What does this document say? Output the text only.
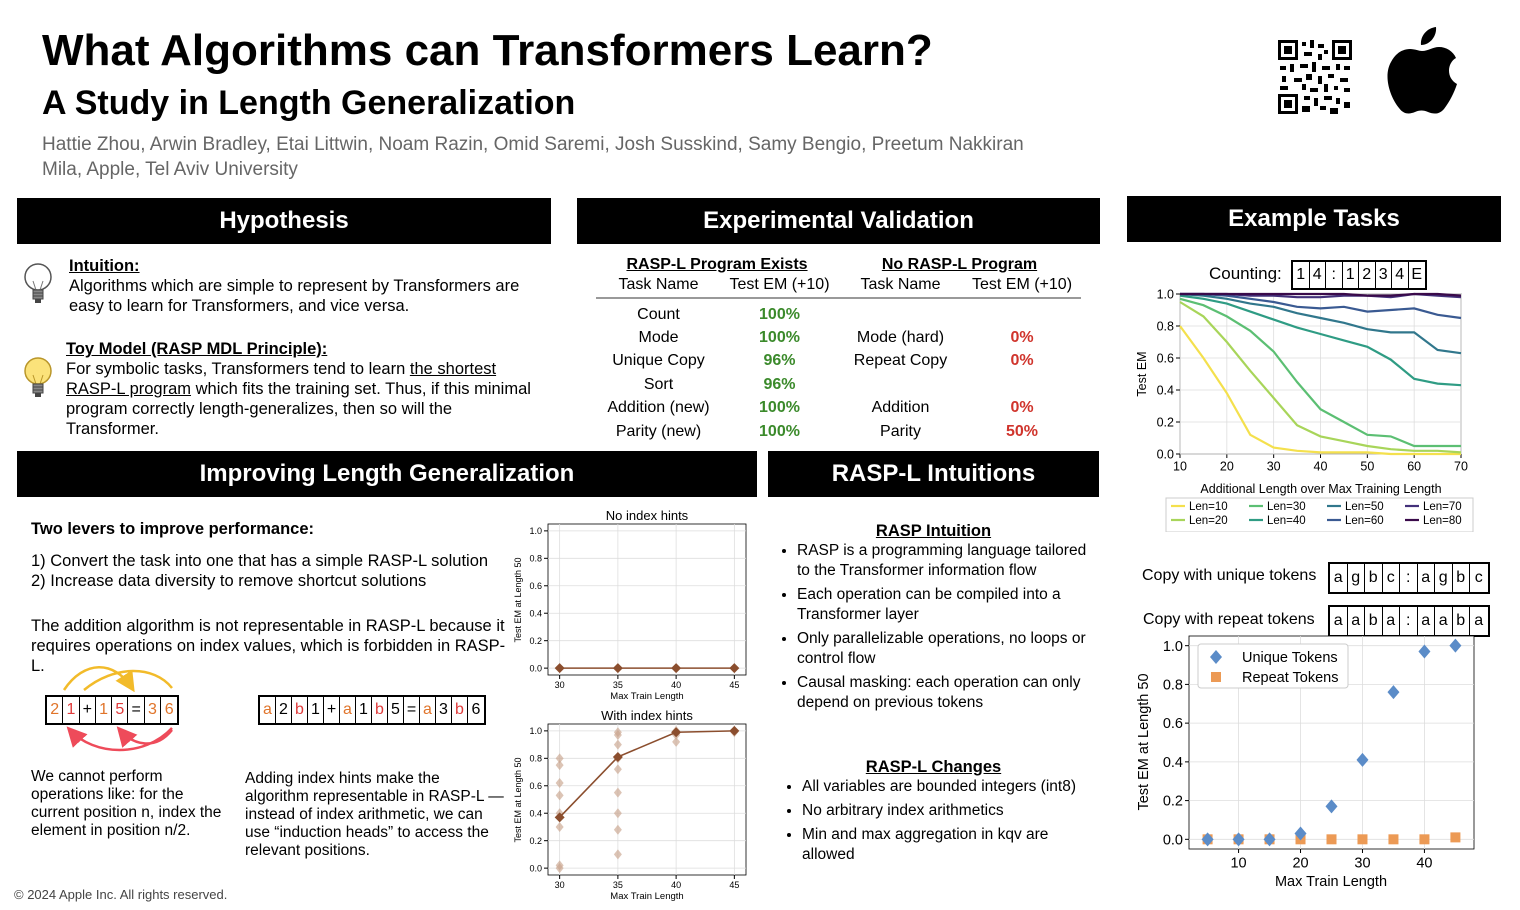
What Algorithms can Transformers Learn?
A Study in Length Generalization
Hattie Zhou, Arwin Bradley, Etai Littwin, Noam Razin, Omid Saremi, Josh Susskind, Samy Bengio, Preetum Nakkiran
Mila, Apple, Tel Aviv University
Hypothesis	Experimental Validation	Example Tasks
Improving Length Generalization	RASP-L Intuitions
Intuition:
Algorithms which are simple to represent by Transformers are easy to learn for Transformers, and vice versa.
Toy Model (RASP MDL Principle):
For symbolic tasks, Transformers tend to learn the shortest RASP-L program which fits the training set. Thus, if this minimal program correctly length-generalizes, then so will the Transformer.
RASP-L Program Exists	No RASP-L Program
Task Name	Test EM (+10)	Task Name	Test EM (+10)
Count	100%
Mode	100%	Mode (hard)	0%
Unique Copy	96%	Repeat Copy	0%
Sort	96%
Addition (new)	100%	Addition	0%
Parity (new)	100%	Parity	50%
Counting: 1 4 : 1 2 3 4 E
10	20	30	40	50	60	70
0.0
0.2
0.4
0.6
0.8
1.0
Additional Length over Max Training Length
Test EM
Len=10
Len=20
Len=30
Len=40
Len=50
Len=60
Len=70
Len=80
Copy with unique tokens a g b c : a g b c
Copy with repeat tokens a a b a : a a b a
10	20	30	40
0.0
0.2
0.4
0.6
0.8
1.0
Max Train Length
Test EM at Length 50
Unique Tokens
Repeat Tokens
Two levers to improve performance:
1) Convert the task into one that has a simple RASP-L solution
2) Increase data diversity to remove shortcut solutions
The addition algorithm is not representable in RASP-L because it requires operations on index values, which is forbidden in RASP-L.
2 1 + 1 5 = 3 6	a 2 b 1 + a 1 b 5 = a 3 b 6
We cannot perform operations like: for the current position n, index the element in position n/2.
Adding index hints make the algorithm representable in RASP-L — instead of index arithmetic, we can use “induction heads” to access the relevant positions.
30	35	40	45
0.0
0.2
0.4
0.6
0.8
1.0
No index hints
Max Train Length
Test EM at Length 50
30	35	40	45
0.0
0.2
0.4
0.6
0.8
1.0
With index hints
Max Train Length
Test EM at Length 50
RASP Intuition
• RASP is a programming language tailored to the Transformer information flow
• Each operation can be compiled into a Transformer layer
• Only parallelizable operations, no loops or control flow
• Causal masking: each operation can only depend on previous tokens
RASP-L Changes
• All variables are bounded integers (int8)
• No arbitrary index arithmetics
• Min and max aggregation in kqv are allowed
© 2024 Apple Inc. All rights reserved.
